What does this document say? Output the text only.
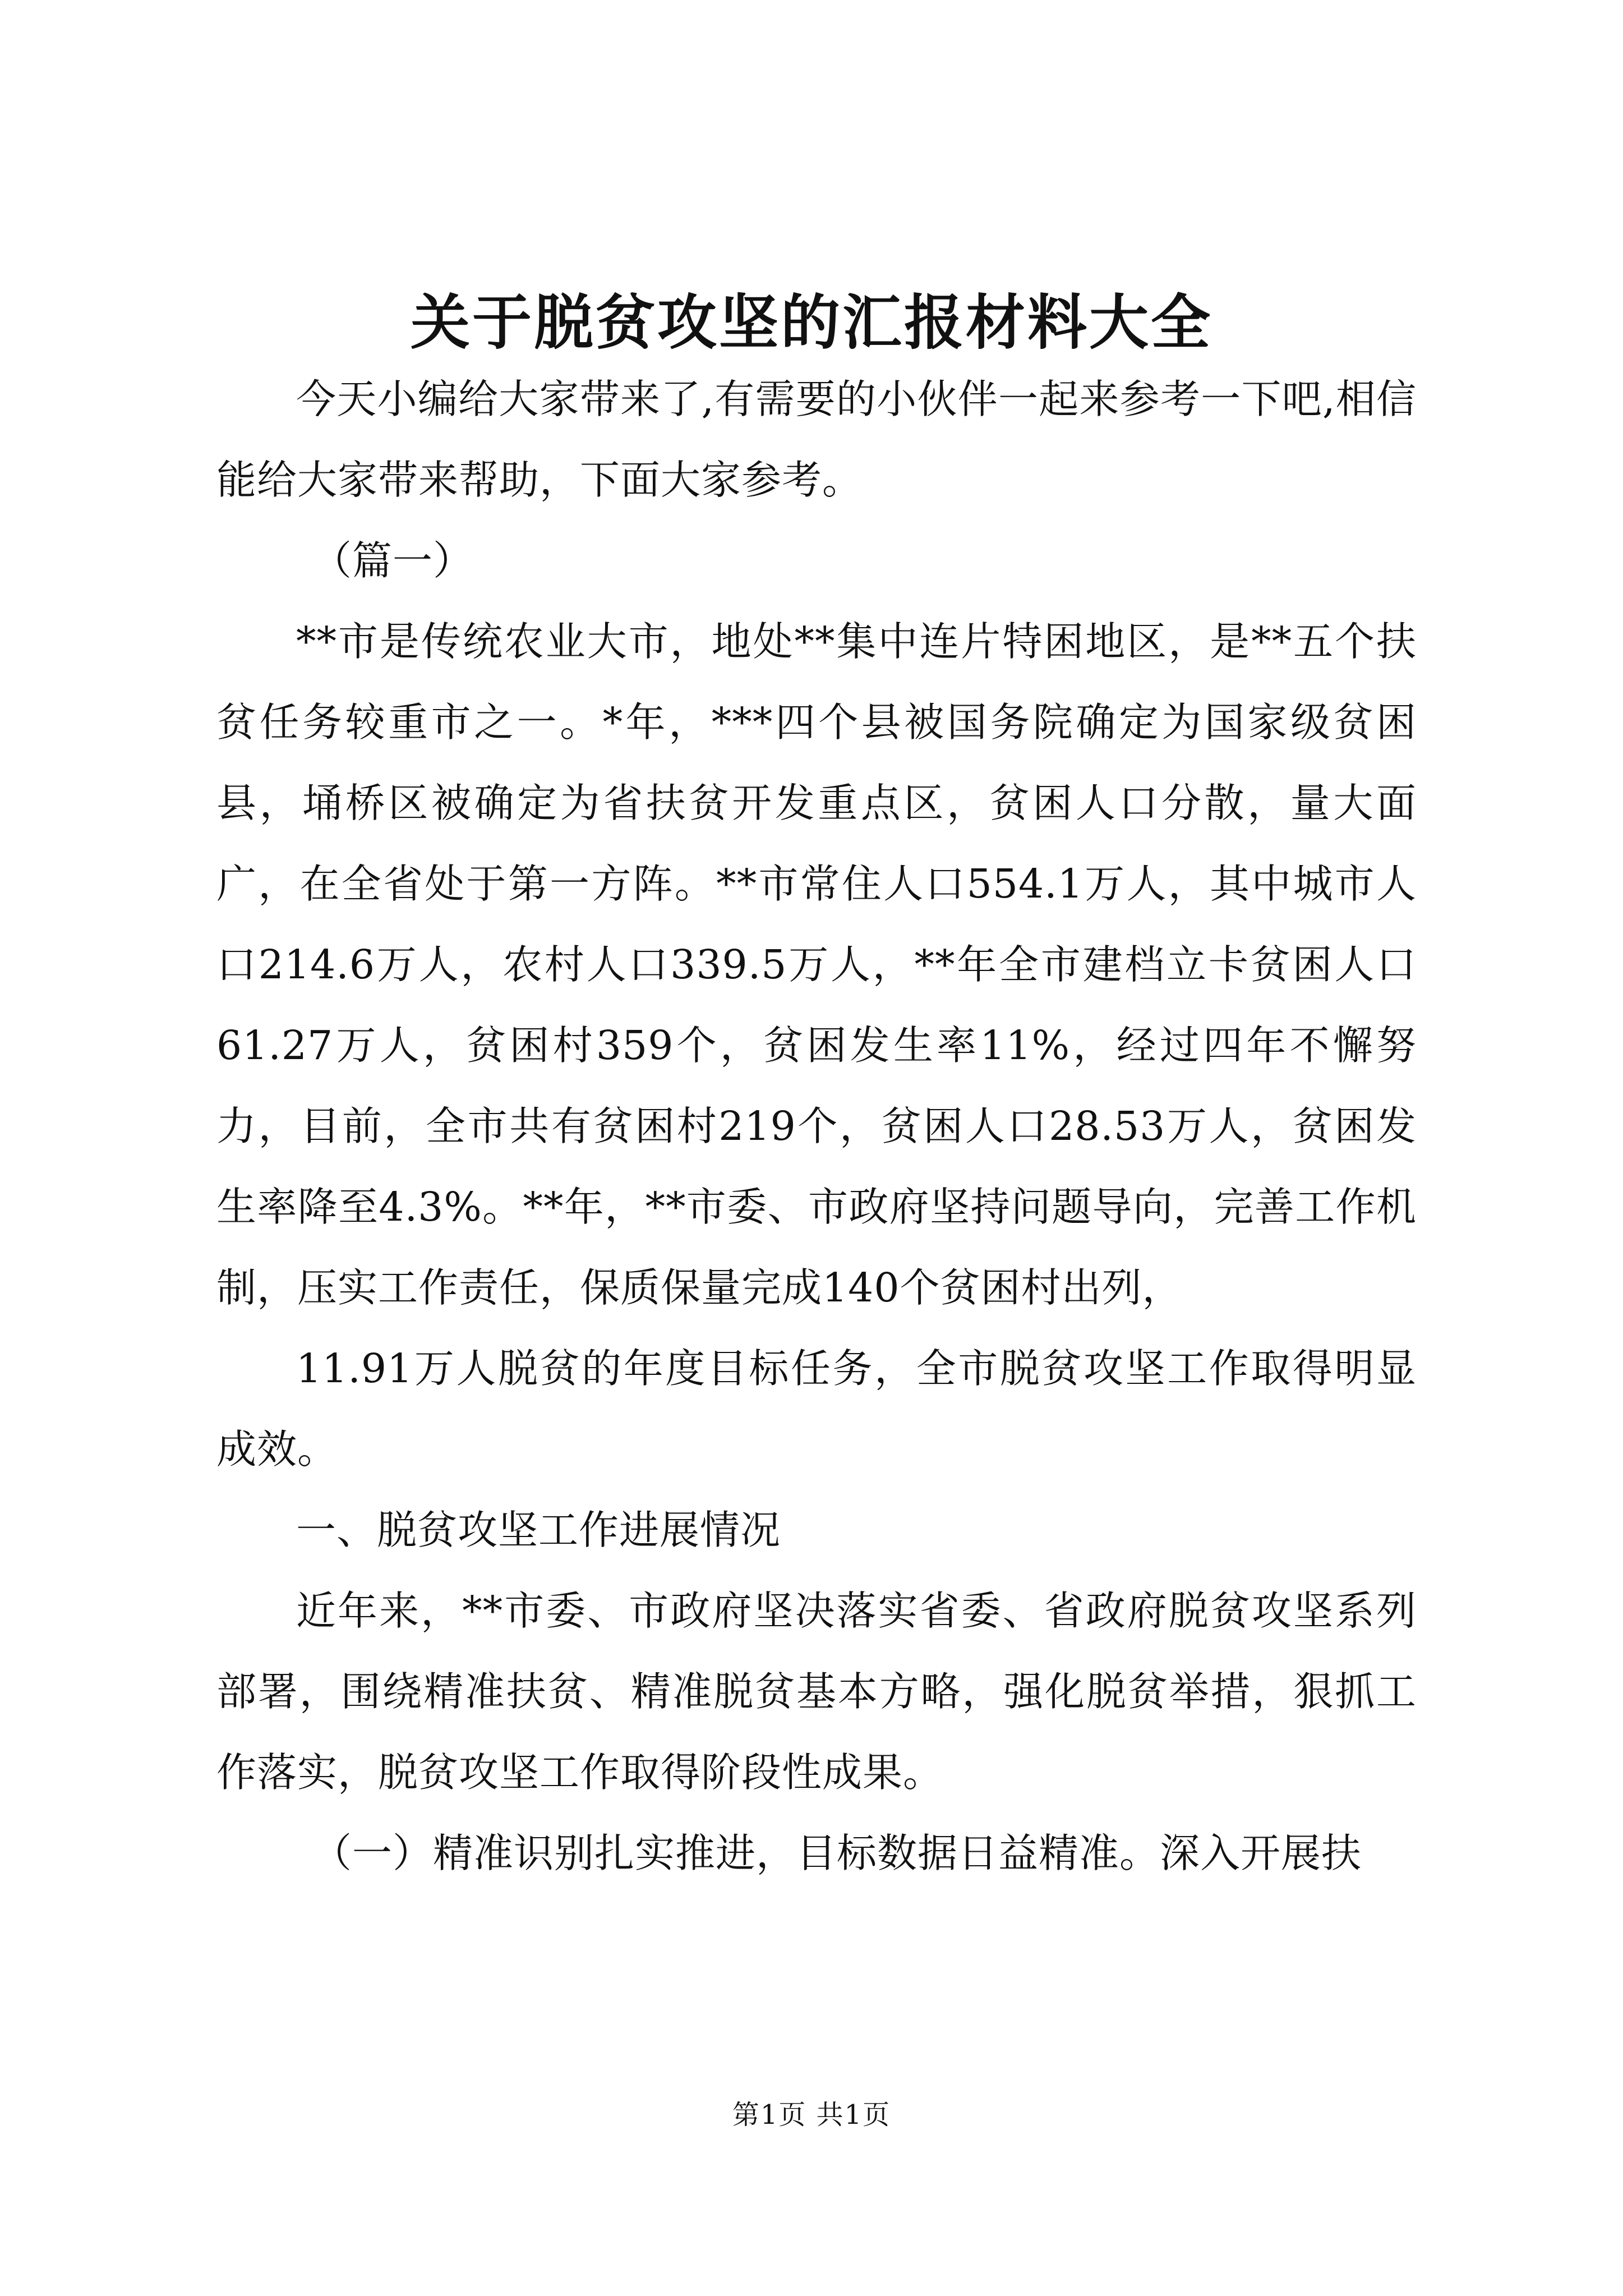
关于脱贫攻坚的汇报材料大全

今天小编给大家带来了,有需要的小伙伴一起来参考一下吧,相信能给大家带来帮助，下面大家参考。

（篇一）

**市是传统农业大市，地处**集中连片特困地区，是**五个扶贫任务较重市之一。*年，***四个县被国务院确定为国家级贫困县，埇桥区被确定为省扶贫开发重点区，贫困人口分散，量大面广，在全省处于第一方阵。**市常住人口554.1万人，其中城市人口214.6万人，农村人口339.5万人，**年全市建档立卡贫困人口61.27万人，贫困村359个，贫困发生率11%，经过四年不懈努力，目前，全市共有贫困村219个，贫困人口28.53万人，贫困发生率降至4.3%。**年，**市委、市政府坚持问题导向，完善工作机制，压实工作责任，保质保量完成140个贫困村出列，

11.91万人脱贫的年度目标任务，全市脱贫攻坚工作取得明显成效。

一、脱贫攻坚工作进展情况

近年来，**市委、市政府坚决落实省委、省政府脱贫攻坚系列部署，围绕精准扶贫、精准脱贫基本方略，强化脱贫举措，狠抓工作落实，脱贫攻坚工作取得阶段性成果。

（一）精准识别扎实推进，目标数据日益精准。深入开展扶

第1页 共1页
